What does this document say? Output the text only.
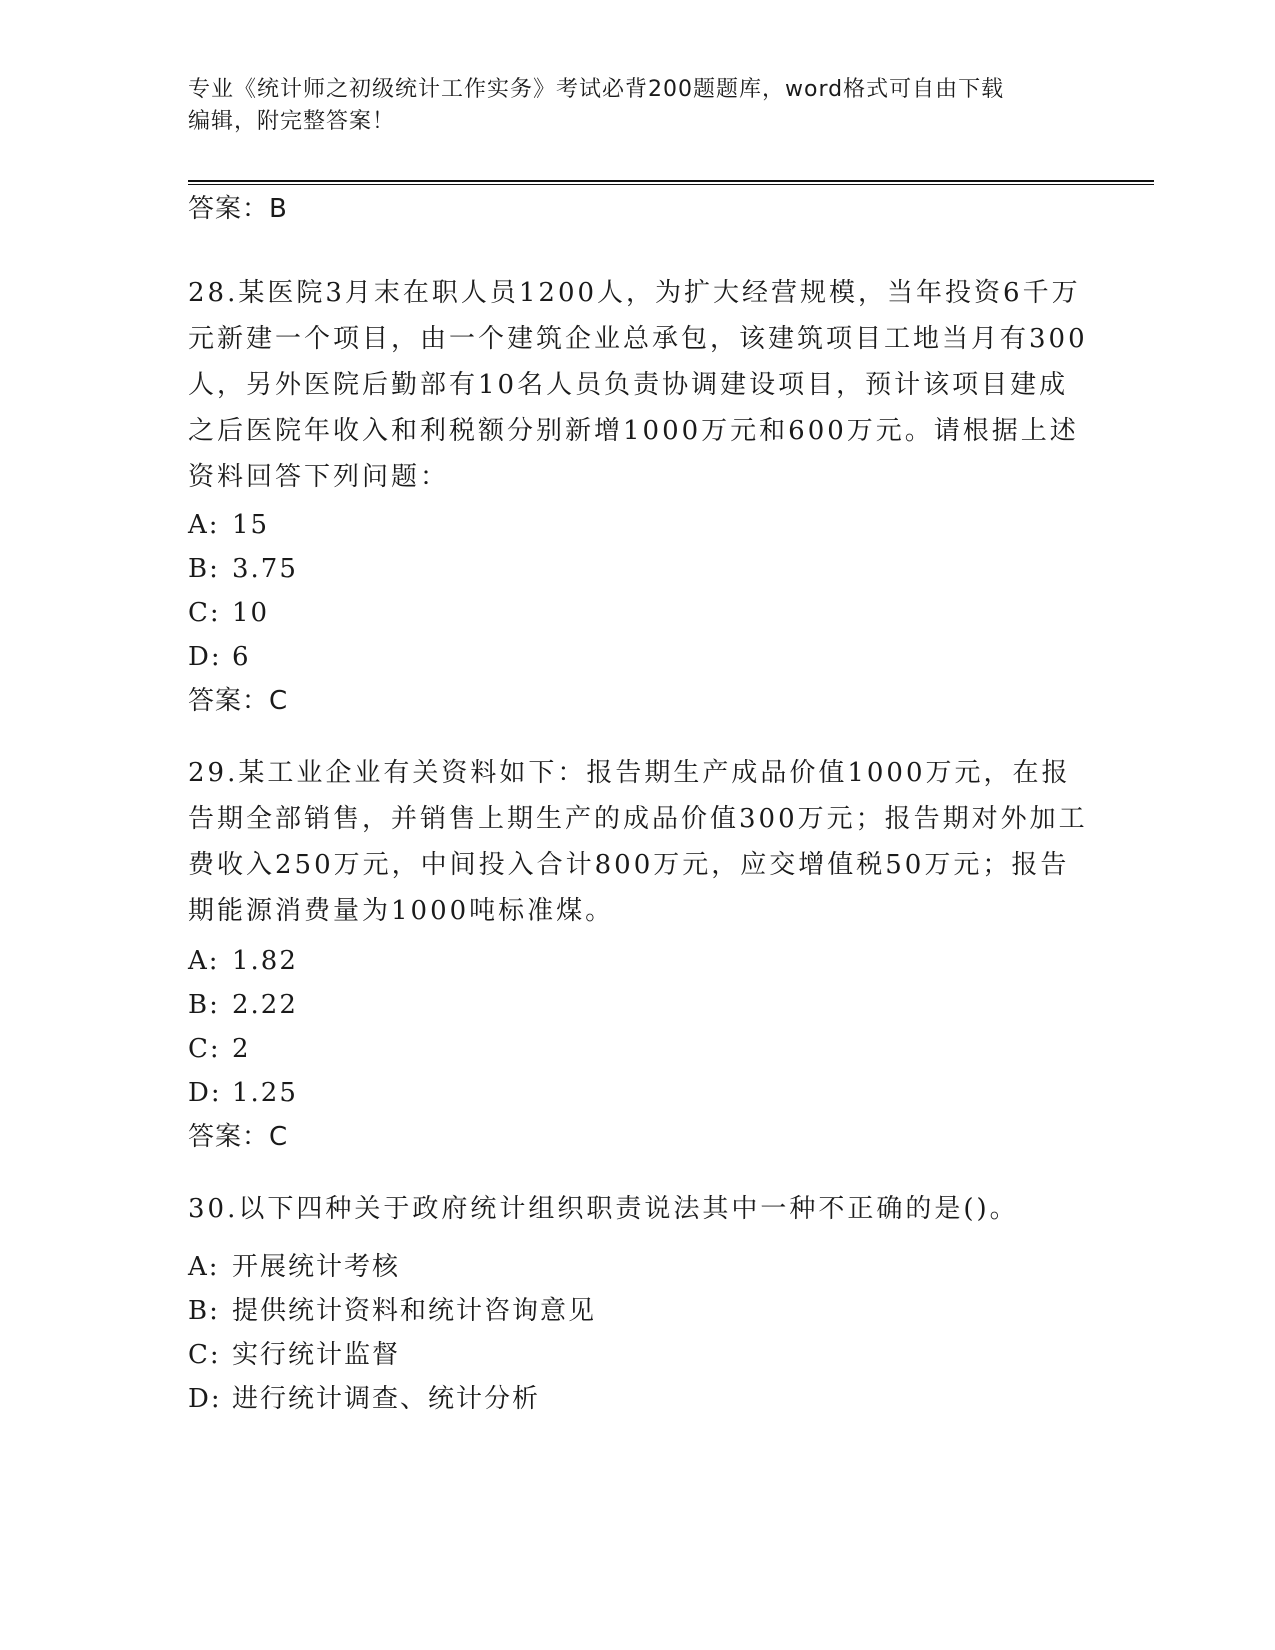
专业《统计师之初级统计工作实务》考试必背200题题库，word格式可自由下载
编辑，附完整答案！
答案：B

28.某医院3月末在职人员1200人，为扩大经营规模，当年投资6千万元新建一个项目，由一个建筑企业总承包，该建筑项目工地当月有300人，另外医院后勤部有10名人员负责协调建设项目，预计该项目建成之后医院年收入和利税额分别新增1000万元和600万元。请根据上述资料回答下列问题：

A: 15
B: 3.75
C: 10
D: 6
答案：C

29.某工业企业有关资料如下：报告期生产成品价值1000万元，在报告期全部销售，并销售上期生产的成品价值300万元；报告期对外加工费收入250万元，中间投入合计800万元，应交增值税50万元；报告期能源消费量为1000吨标准煤。

A: 1.82
B: 2.22
C: 2
D: 1.25
答案：C

30.以下四种关于政府统计组织职责说法其中一种不正确的是()。

A: 开展统计考核
B: 提供统计资料和统计咨询意见
C: 实行统计监督
D: 进行统计调查、统计分析
